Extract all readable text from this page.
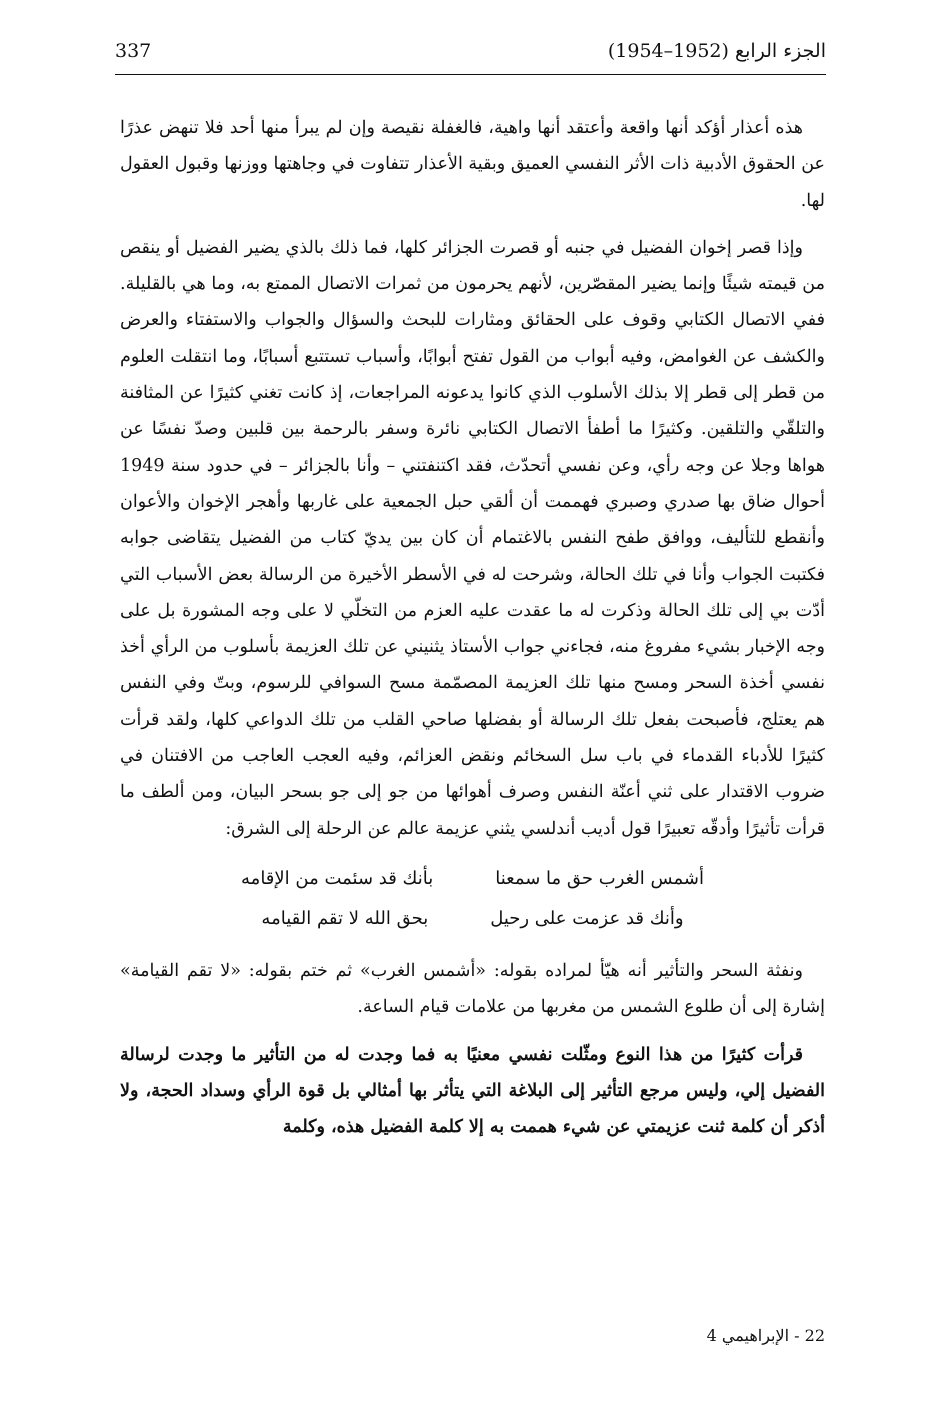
337	الجزء الرابع (1952–1954)

هذه أعذار أؤكد أنها واقعة وأعتقد أنها واهية، فالغفلة نقيصة وإن لم يبرأ منها أحد فلا تنهض عذرًا عن الحقوق الأدبية ذات الأثر النفسي العميق وبقية الأعذار تتفاوت في وجاهتها ووزنها وقبول العقول لها.

وإذا قصر إخوان الفضيل في جنبه أو قصرت الجزائر كلها، فما ذلك بالذي يضير الفضيل أو ينقص من قيمته شيئًا وإنما يضير المقصّرين، لأنهم يحرمون من ثمرات الاتصال الممتع به، وما هي بالقليلة. ففي الاتصال الكتابي وقوف على الحقائق ومثارات للبحث والسؤال والجواب والاستفتاء والعرض والكشف عن الغوامض، وفيه أبواب من القول تفتح أبوابًا، وأسباب تستتبع أسبابًا، وما انتقلت العلوم من قطر إلى قطر إلا بذلك الأسلوب الذي كانوا يدعونه المراجعات، إذ كانت تغني كثيرًا عن المثافنة والتلقّي والتلقين. وكثيرًا ما أطفأ الاتصال الكتابي نائرة وسفر بالرحمة بين قلبين وصدّ نفسًا عن هواها وجلا عن وجه رأي، وعن نفسي أتحدّث، فقد اكتنفتني – وأنا بالجزائر – في حدود سنة 1949 أحوال ضاق بها صدري وصبري فهممت أن ألقي حبل الجمعية على غاربها وأهجر الإخوان والأعوان وأنقطع للتأليف، ووافق طفح النفس بالاغتمام أن كان بين يديّ كتاب من الفضيل يتقاضى جوابه فكتبت الجواب وأنا في تلك الحالة، وشرحت له في الأسطر الأخيرة من الرسالة بعض الأسباب التي أدّت بي إلى تلك الحالة وذكرت له ما عقدت عليه العزم من التخلّي لا على وجه المشورة بل على وجه الإخبار بشيء مفروغ منه، فجاءني جواب الأستاذ يثنيني عن تلك العزيمة بأسلوب من الرأي أخذ نفسي أخذة السحر ومسح منها تلك العزيمة المصمّمة مسح السوافي للرسوم، وبتّ وفي النفس هم يعتلج، فأصبحت بفعل تلك الرسالة أو بفضلها صاحي القلب من تلك الدواعي كلها، ولقد قرأت كثيرًا للأدباء القدماء في باب سل السخائم ونقض العزائم، وفيه العجب العاجب من الافتنان في ضروب الاقتدار على ثني أعنّة النفس وصرف أهوائها من جو إلى جو بسحر البيان، ومن ألطف ما قرأت تأثيرًا وأدقّه تعبيرًا قول أديب أندلسي يثني عزيمة عالم عن الرحلة إلى الشرق:

أشمس الغرب حق ما سمعنا
بأنك قد سئمت من الإقامه
وأنك قد عزمت على رحيل
بحق الله لا تقم القيامه

ونفثة السحر والتأثير أنه هيّأ لمراده بقوله: «أشمس الغرب» ثم ختم بقوله: «لا تقم القيامة» إشارة إلى أن طلوع الشمس من مغربها من علامات قيام الساعة.

قرأت كثيرًا من هذا النوع ومثّلت نفسي معنيًا به فما وجدت له من التأثير ما وجدت لرسالة الفضيل إلي، وليس مرجع التأثير إلى البلاغة التي يتأثر بها أمثالي بل قوة الرأي وسداد الحجة، ولا أذكر أن كلمة ثنت عزيمتي عن شيء هممت به إلا كلمة الفضيل هذه، وكلمة

22 - الإبراهيمي 4
